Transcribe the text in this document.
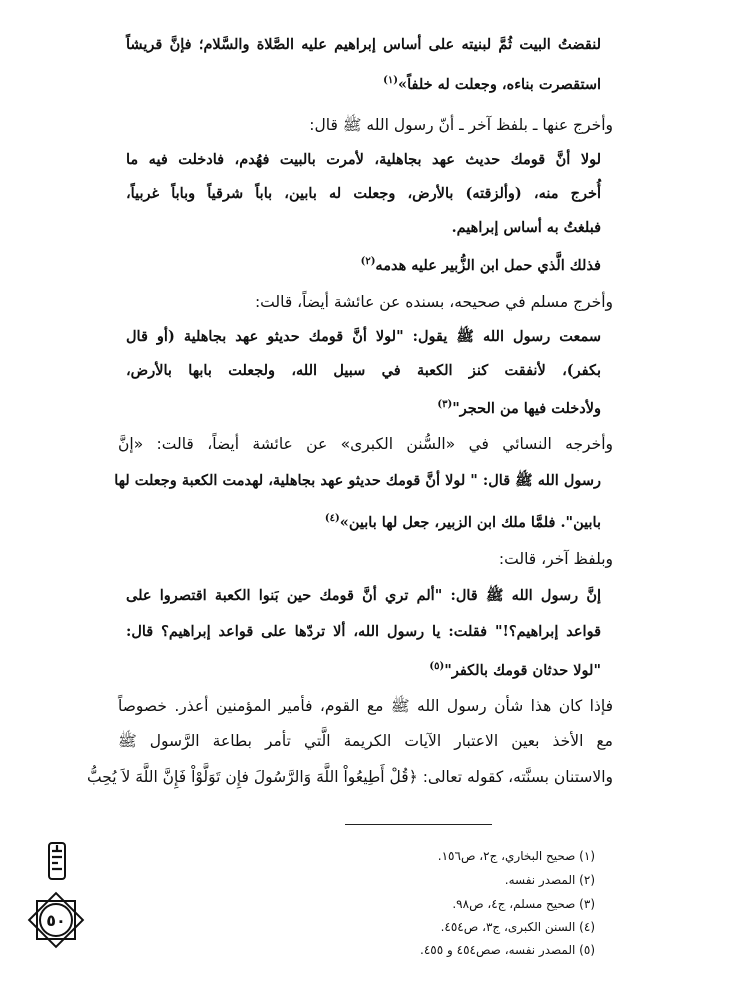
لنقضتُ البيت ثُمَّ لبنيته على أساس إبراهيم عليه الصَّلاة والسَّلام؛ فإنَّ قريشاً
استقصرت بناءه، وجعلت له خلفاً»$^{(١)}$
وأخرج عنها ـ بلفظ آخر ـ أنّ رسول الله ﷺ قال:
لولا أنَّ قومك حديث عهد بجاهلية، لأمرت بالبيت فهُدم، فادخلت فيه ما
أُخرج منه، (وألزقته) بالأرض، وجعلت له بابين، باباً شرقياً وباباً غربياً،
فبلغتُ به أساس إبراهيم.
فذلك الَّذي حمل ابن الزُّبير عليه هدمه$^{(٢)}$
وأخرج مسلم في صحيحه، بسنده عن عائشة أيضاً، قالت:
سمعت رسول الله ﷺ يقول: "لولا أنَّ قومك حديثو عهد بجاهلية (أو قال
بكفر)، لأنفقت كنز الكعبة في سبيل الله، ولجعلت بابها بالأرض،
ولأدخلت فيها من الحجر"$^{(٣)}$
وأخرجه النسائي في «السُّنن الكبرى» عن عائشة أيضاً، قالت: «إنَّ
رسول الله ﷺ قال: " لولا أنَّ قومك حديثو عهد بجاهلية، لهدمت الكعبة وجعلت لها
بابين". فلمَّا ملك ابن الزبير، جعل لها بابين»$^{(٤)}$
وبلفظ آخر، قالت:
إنَّ رسول الله ﷺ قال: "ألم تري أنَّ قومك حين بَنوا الكعبة اقتصروا على
قواعد إبراهيم؟!" فقلت: يا رسول الله، ألا تردّها على قواعد إبراهيم؟ قال:
"لولا حدثان قومك بالكفر"$^{(٥)}$
فإذا كان هذا شأن رسول الله ﷺ مع القوم، فأمير المؤمنين أعذر. خصوصاً
مع الأخذ بعين الاعتبار الآيات الكريمة الَّتي تأمر بطاعة الرَّسول ﷺ
والاستنان بسنَّته، كقوله تعالى: ﴿قُلْ أَطِيعُواْ اللَّهَ وَالرَّسُولَ فإِن تَوَلَّوْاْ فَإِنَّ اللَّهَ لاَ يُحِبُّ
(١) صحيح البخاري، ج٢، ص١٥٦.
(٢) المصدر نفسه.
(٣) صحيح مسلم، ج٤، ص٩٨.
(٤) السنن الكبرى، ج٣، ص٤٥٤.
(٥) المصدر نفسه، صص٤٥٤ و ٤٥٥.
٥٠
